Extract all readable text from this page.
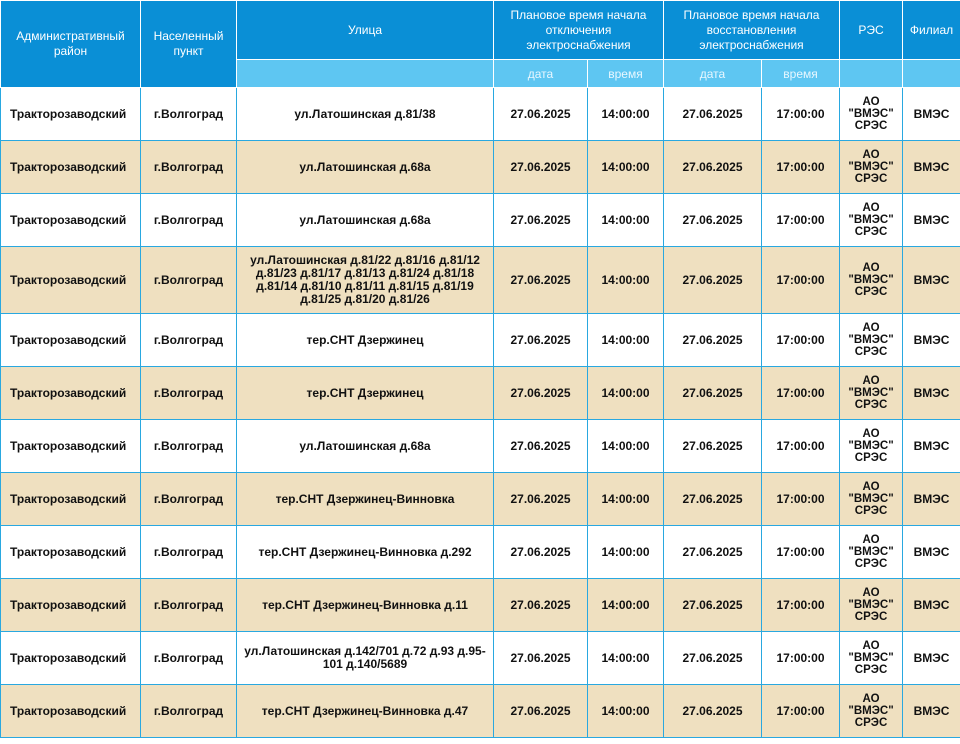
Административный район	Населенный пункт	Улица	Плановое время начала отключения электроснабжения		Плановое время начала восстановления электроснабжения		РЭС	Филиал
			дата	время	дата	время		
Тракторозаводский	г.Волгоград	ул.Латошинская д.81/38	27.06.2025	14:00:00	27.06.2025	17:00:00	АО
"ВМЭС"
СРЭС	ВМЭС
Тракторозаводский	г.Волгоград	ул.Латошинская д.68а	27.06.2025	14:00:00	27.06.2025	17:00:00	АО
"ВМЭС"
СРЭС	ВМЭС
Тракторозаводский	г.Волгоград	ул.Латошинская д.68а	27.06.2025	14:00:00	27.06.2025	17:00:00	АО
"ВМЭС"
СРЭС	ВМЭС
Тракторозаводский	г.Волгоград	ул.Латошинская д.81/22 д.81/16 д.81/12 д.81/23 д.81/17 д.81/13 д.81/24 д.81/18 д.81/14 д.81/10 д.81/11 д.81/15 д.81/19 д.81/25 д.81/20 д.81/26	27.06.2025	14:00:00	27.06.2025	17:00:00	АО
"ВМЭС"
СРЭС	ВМЭС
Тракторозаводский	г.Волгоград	тер.СНТ Дзержинец	27.06.2025	14:00:00	27.06.2025	17:00:00	АО
"ВМЭС"
СРЭС	ВМЭС
Тракторозаводский	г.Волгоград	тер.СНТ Дзержинец	27.06.2025	14:00:00	27.06.2025	17:00:00	АО
"ВМЭС"
СРЭС	ВМЭС
Тракторозаводский	г.Волгоград	ул.Латошинская д.68а	27.06.2025	14:00:00	27.06.2025	17:00:00	АО
"ВМЭС"
СРЭС	ВМЭС
Тракторозаводский	г.Волгоград	тер.СНТ Дзержинец-Винновка	27.06.2025	14:00:00	27.06.2025	17:00:00	АО
"ВМЭС"
СРЭС	ВМЭС
Тракторозаводский	г.Волгоград	тер.СНТ Дзержинец-Винновка д.292	27.06.2025	14:00:00	27.06.2025	17:00:00	АО
"ВМЭС"
СРЭС	ВМЭС
Тракторозаводский	г.Волгоград	тер.СНТ Дзержинец-Винновка д.11	27.06.2025	14:00:00	27.06.2025	17:00:00	АО
"ВМЭС"
СРЭС	ВМЭС
Тракторозаводский	г.Волгоград	ул.Латошинская д.142/701 д.72 д.93 д.95-101 д.140/5689	27.06.2025	14:00:00	27.06.2025	17:00:00	АО
"ВМЭС"
СРЭС	ВМЭС
Тракторозаводский	г.Волгоград	тер.СНТ Дзержинец-Винновка д.47	27.06.2025	14:00:00	27.06.2025	17:00:00	АО
"ВМЭС"
СРЭС	ВМЭС
